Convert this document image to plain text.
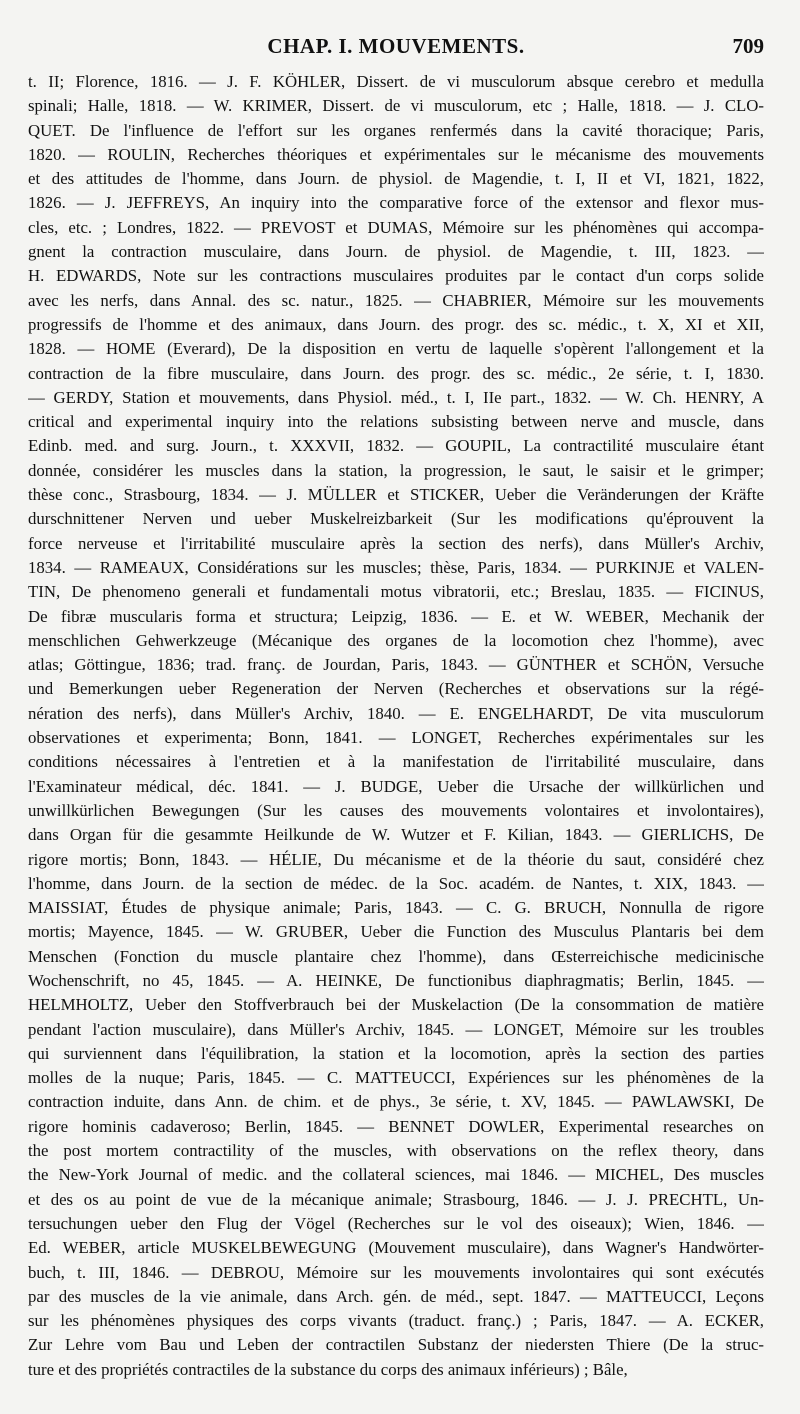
CHAP. I. MOUVEMENTS.	709
t. II; Florence, 1816. — J. F. KÖHLER, Dissert. de vi musculorum absque cerebro et medulla
spinali; Halle, 1818. — W. KRIMER, Dissert. de vi musculorum, etc ; Halle, 1818. — J. CLO-
QUET. De l'influence de l'effort sur les organes renfermés dans la cavité thoracique; Paris,
1820. — ROULIN, Recherches théoriques et expérimentales sur le mécanisme des mouvements
et des attitudes de l'homme, dans Journ. de physiol. de Magendie, t. I, II et VI, 1821, 1822,
1826. — J. JEFFREYS, An inquiry into the comparative force of the extensor and flexor mus-
cles, etc. ; Londres, 1822. — PREVOST et DUMAS, Mémoire sur les phénomènes qui accompa-
gnent la contraction musculaire, dans Journ. de physiol. de Magendie, t. III, 1823. —
H. EDWARDS, Note sur les contractions musculaires produites par le contact d'un corps solide
avec les nerfs, dans Annal. des sc. natur., 1825. — CHABRIER, Mémoire sur les mouvements
progressifs de l'homme et des animaux, dans Journ. des progr. des sc. médic., t. X, XI et XII,
1828. — HOME (Everard), De la disposition en vertu de laquelle s'opèrent l'allongement et la
contraction de la fibre musculaire, dans Journ. des progr. des sc. médic., 2e série, t. I, 1830.
— GERDY, Station et mouvements, dans Physiol. méd., t. I, IIe part., 1832. — W. Ch. HENRY, A
critical and experimental inquiry into the relations subsisting between nerve and muscle, dans
Edinb. med. and surg. Journ., t. XXXVII, 1832. — GOUPIL, La contractilité musculaire étant
donnée, considérer les muscles dans la station, la progression, le saut, le saisir et le grimper;
thèse conc., Strasbourg, 1834. — J. MÜLLER et STICKER, Ueber die Veränderungen der Kräfte
durschnittener Nerven und ueber Muskelreizbarkeit (Sur les modifications qu'éprouvent la
force nerveuse et l'irritabilité musculaire après la section des nerfs), dans Müller's Archiv,
1834. — RAMEAUX, Considérations sur les muscles; thèse, Paris, 1834. — PURKINJE et VALEN-
TIN, De phenomeno generali et fundamentali motus vibratorii, etc.; Breslau, 1835. — FICINUS,
De fibræ muscularis forma et structura; Leipzig, 1836. — E. et W. WEBER, Mechanik der
menschlichen Gehwerkzeuge (Mécanique des organes de la locomotion chez l'homme), avec
atlas; Göttingue, 1836; trad. franç. de Jourdan, Paris, 1843. — GÜNTHER et SCHÖN, Versuche
und Bemerkungen ueber Regeneration der Nerven (Recherches et observations sur la régé-
nération des nerfs), dans Müller's Archiv, 1840. — E. ENGELHARDT, De vita musculorum
observationes et experimenta; Bonn, 1841. — LONGET, Recherches expérimentales sur les
conditions nécessaires à l'entretien et à la manifestation de l'irritabilité musculaire, dans
l'Examinateur médical, déc. 1841. — J. BUDGE, Ueber die Ursache der willkürlichen und
unwillkürlichen Bewegungen (Sur les causes des mouvements volontaires et involontaires),
dans Organ für die gesammte Heilkunde de W. Wutzer et F. Kilian, 1843. — GIERLICHS, De
rigore mortis; Bonn, 1843. — HÉLIE, Du mécanisme et de la théorie du saut, considéré chez
l'homme, dans Journ. de la section de médec. de la Soc. académ. de Nantes, t. XIX, 1843. —
MAISSIAT, Études de physique animale; Paris, 1843. — C. G. BRUCH, Nonnulla de rigore
mortis; Mayence, 1845. — W. GRUBER, Ueber die Function des Musculus Plantaris bei dem
Menschen (Fonction du muscle plantaire chez l'homme), dans Œsterreichische medicinische
Wochenschrift, no 45, 1845. — A. HEINKE, De functionibus diaphragmatis; Berlin, 1845. —
HELMHOLTZ, Ueber den Stoffverbrauch bei der Muskelaction (De la consommation de matière
pendant l'action musculaire), dans Müller's Archiv, 1845. — LONGET, Mémoire sur les troubles
qui surviennent dans l'équilibration, la station et la locomotion, après la section des parties
molles de la nuque; Paris, 1845. — C. MATTEUCCI, Expériences sur les phénomènes de la
contraction induite, dans Ann. de chim. et de phys., 3e série, t. XV, 1845. — PAWLAWSKI, De
rigore hominis cadaveroso; Berlin, 1845. — BENNET DOWLER, Experimental researches on
the post mortem contractility of the muscles, with observations on the reflex theory, dans
the New-York Journal of medic. and the collateral sciences, mai 1846. — MICHEL, Des muscles
et des os au point de vue de la mécanique animale; Strasbourg, 1846. — J. J. PRECHTL, Un-
tersuchungen ueber den Flug der Vögel (Recherches sur le vol des oiseaux); Wien, 1846. —
Ed. WEBER, article MUSKELBEWEGUNG (Mouvement musculaire), dans Wagner's Handwörter-
buch, t. III, 1846. — DEBROU, Mémoire sur les mouvements involontaires qui sont exécutés
par des muscles de la vie animale, dans Arch. gén. de méd., sept. 1847. — MATTEUCCI, Leçons
sur les phénomènes physiques des corps vivants (traduct. franç.) ; Paris, 1847. — A. ECKER,
Zur Lehre vom Bau und Leben der contractilen Substanz der niedersten Thiere (De la struc-
ture et des propriétés contractiles de la substance du corps des animaux inférieurs) ; Bâle,
